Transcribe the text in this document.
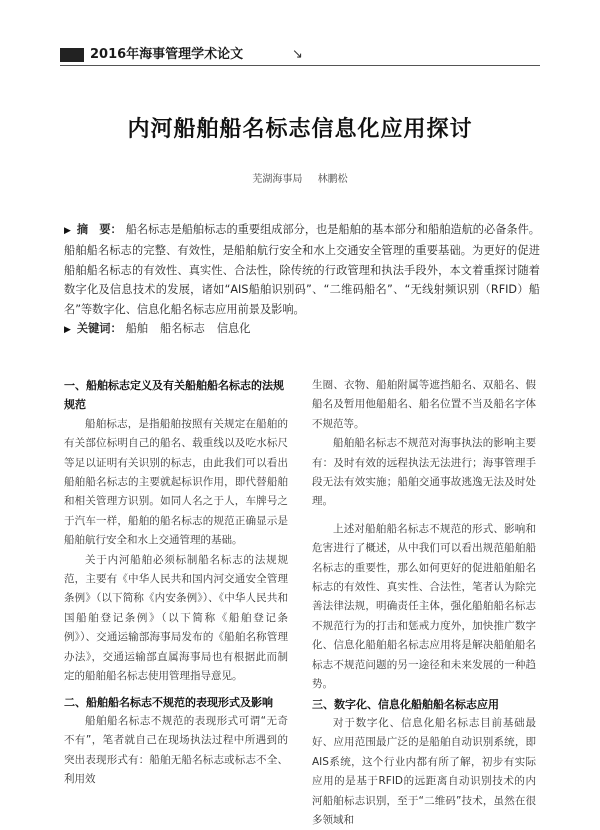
2016年海事管理学术论文	↘
内河船舶船名标志信息化应用探讨
芜湖海事局 林鹏松

▶ 摘　要： 船名标志是船舶标志的重要组成部分，也是船舶的基本部分和船舶造航的必备条件。船舶船名标志的完整、有效性，是船舶航行安全和水上交通安全管理的重要基础。为更好的促进船舶船名标志的有效性、真实性、合法性，除传统的行政管理和执法手段外，本文着重探讨随着数字化及信息技术的发展，诸如“AIS船舶识别码”、“二维码船名”、“无线射频识别（RFID）船名”等数字化、信息化船名标志应用前景及影响。

▶ 关键词： 船舶 船名标志 信息化

一、船舶标志定义及有关船舶船名标志的法规规范

船舶标志，是指船舶按照有关规定在船舶的有关部位标明自己的船名、载重线以及吃水标尺等足以证明有关识别的标志，由此我们可以看出船舶船名标志的主要就起标识作用，即代替船舶和相关管理方识别。如同人名之于人，车牌号之于汽车一样，船舶的船名标志的规范正确显示是船舶航行安全和水上交通管理的基础。

关于内河船舶必须标制船名标志的法规规范，主要有《中华人民共和国内河交通安全管理条例》（以下简称《内安条例》）、《中华人民共和国船舶登记条例》（以下简称《船舶登记条例》）、交通运输部海事局发布的《船舶名称管理办法》，交通运输部直属海事局也有根据此而制定的船舶船名标志使用管理指导意见。

二、船舶船名标志不规范的表现形式及影响

船舶船名标志不规范的表现形式可谓“无奇不有”，笔者就自己在现场执法过程中所遇到的突出表现形式有：船舶无船名标志或标志不全、利用效

生圈、衣物、船舶附属等遮挡船名、双船名、假船名及暂用他船船名、船名位置不当及船名字体不规范等。

船舶船名标志不规范对海事执法的影响主要有：及时有效的远程执法无法进行；海事管理手段无法有效实施；船舶交通事故逃逸无法及时处理。

上述对船舶船名标志不规范的形式、影响和危害进行了概述，从中我们可以看出规范船舶船名标志的重要性，那么如何更好的促进船舶船名标志的有效性、真实性、合法性，笔者认为除完善法律法规，明确责任主体，强化船舶船名标志不规范行为的打击和惩戒力度外，加快推广数字化、信息化船舶船名标志应用将是解决船舶船名标志不规范问题的另一途径和未来发展的一种趋势。

三、数字化、信息化船舶船名标志应用

对于数字化、信息化船名标志目前基础最好、应用范围最广泛的是船舶自动识别系统，即AIS系统，这个行业内都有所了解，初步有实际应用的是基于RFID的远距离自动识别技术的内河船舶标志识别，至于“二维码”技术，虽然在很多领域和
